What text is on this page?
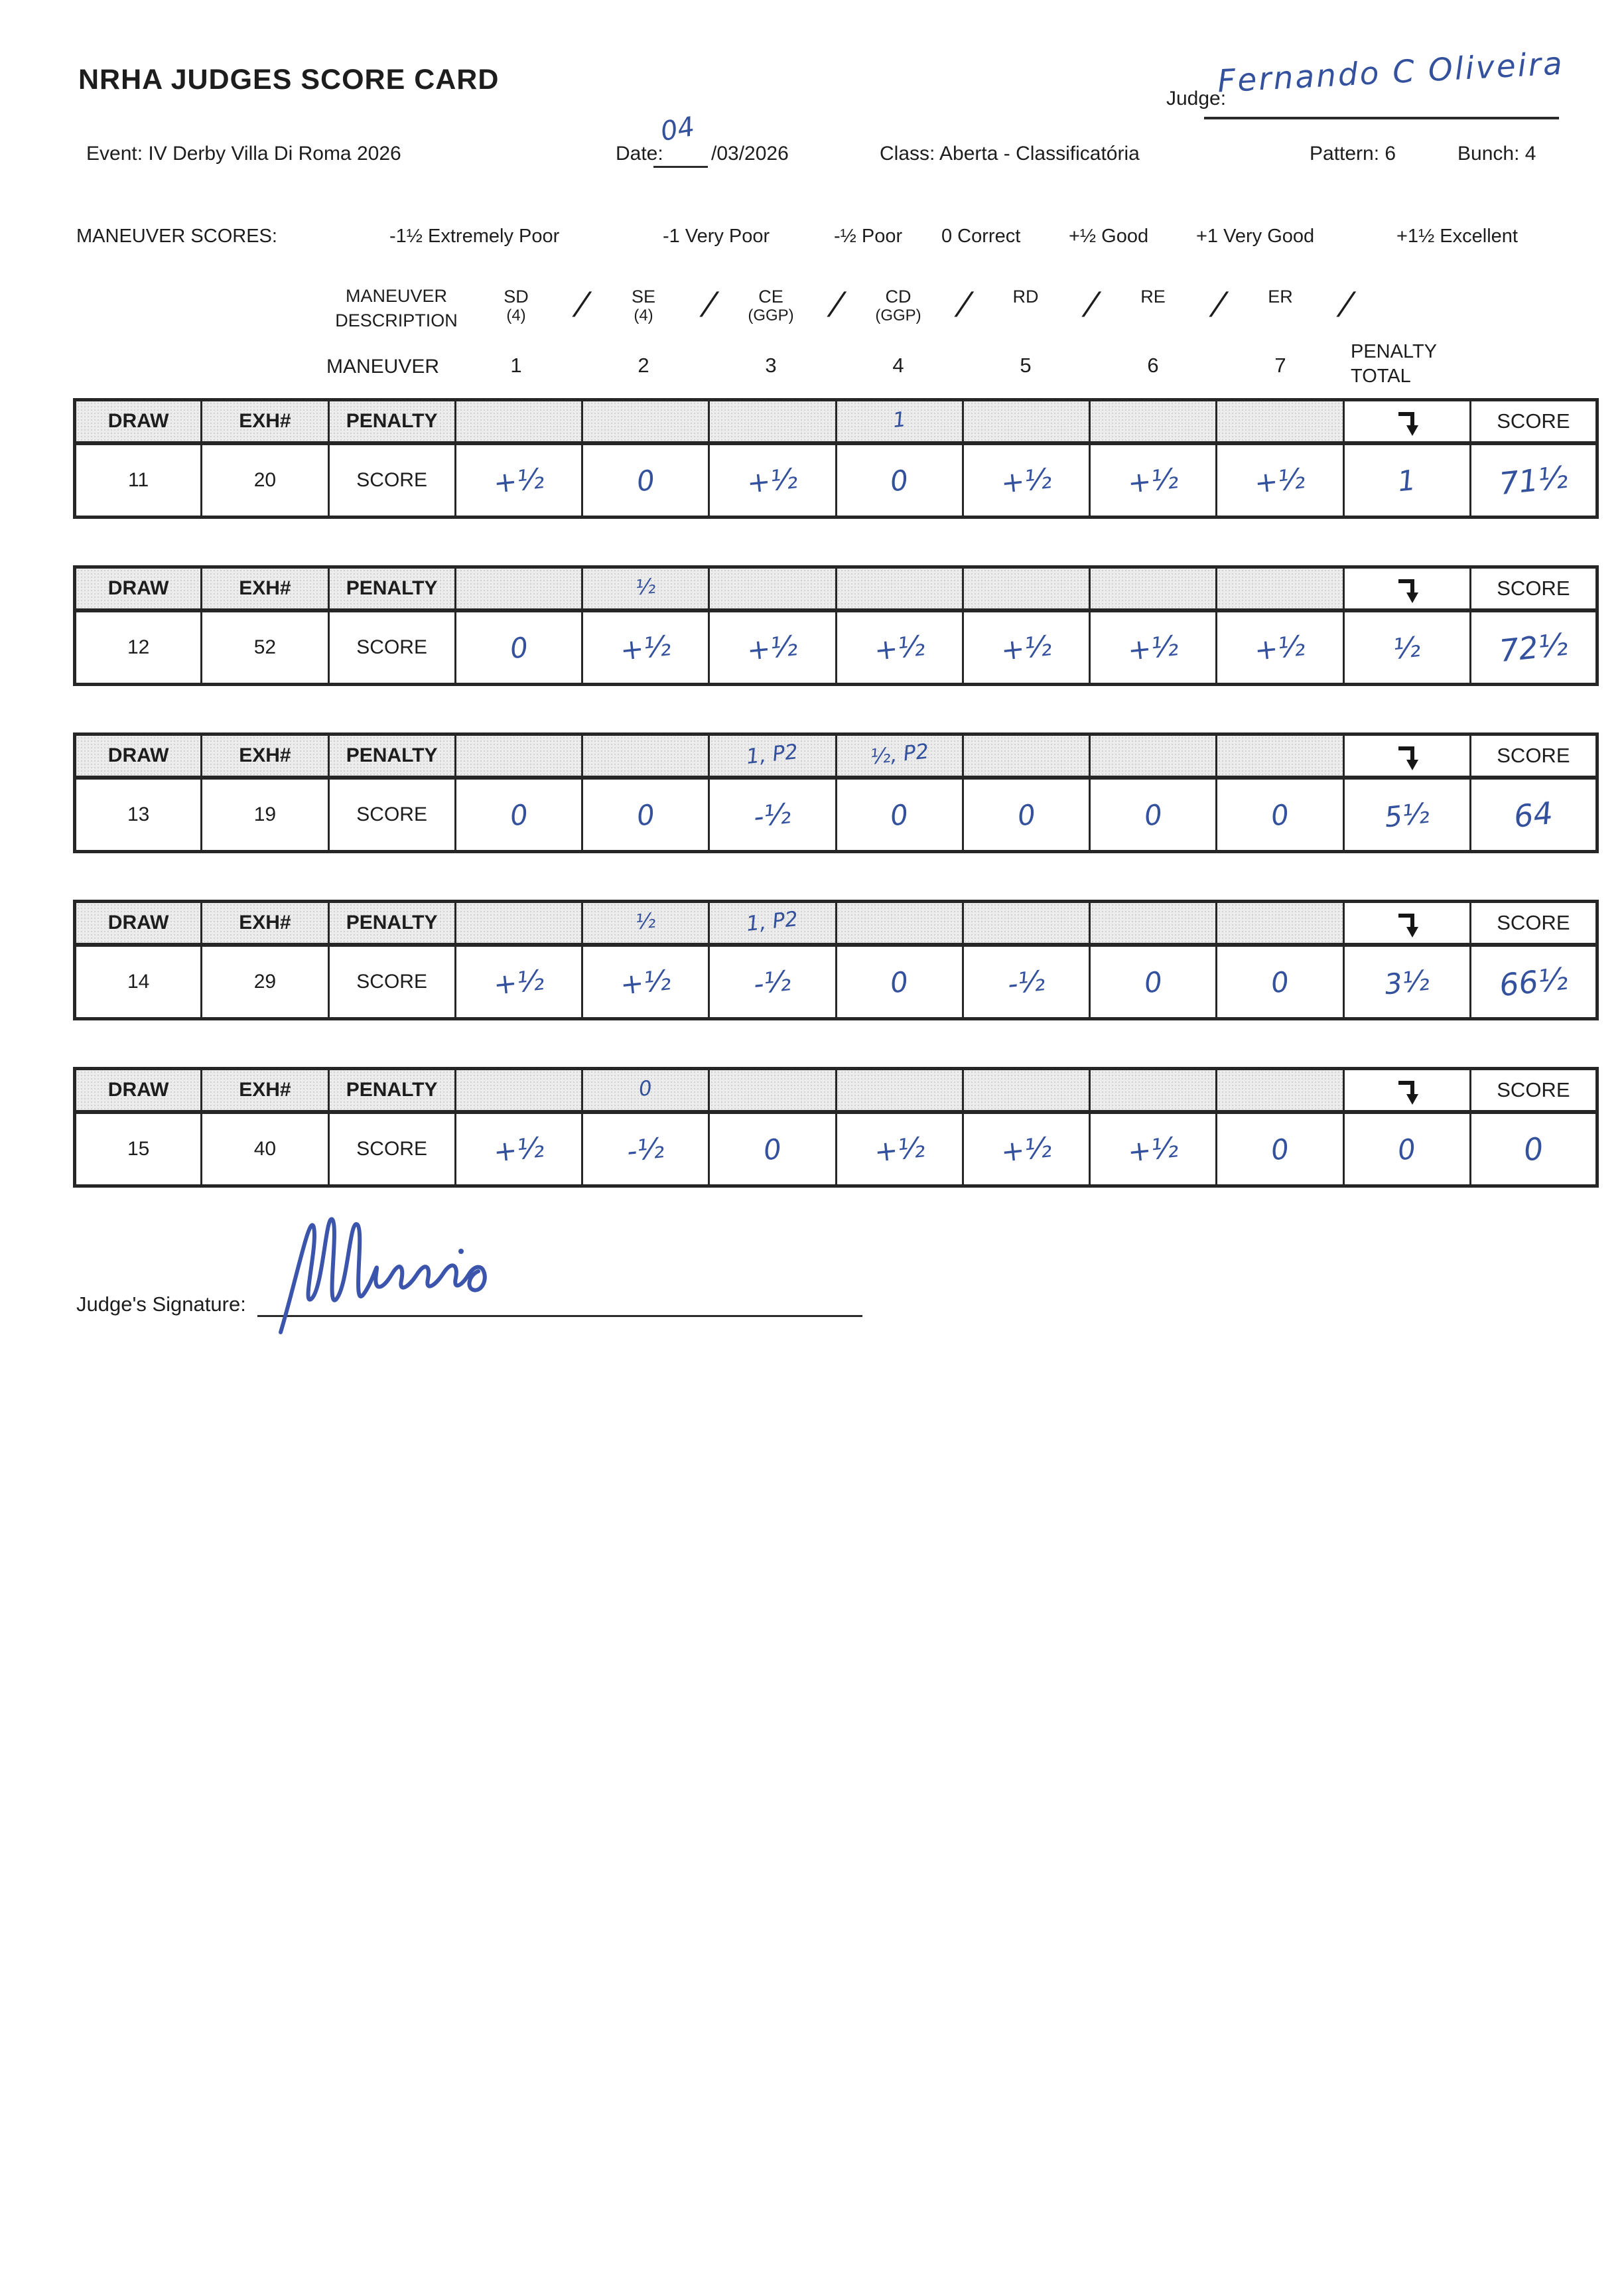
NRHA JUDGES SCORE CARD
Judge:
Fernando C Oliveira
Event: IV Derby Villa Di Roma 2026	Date:
04
/03/2026	Class: Aberta - Classificatória	Pattern: 6	Bunch: 4
MANEUVER SCORES:	-1½ Extremely Poor	-1 Very Poor	-½ Poor 0 Correct	+½ Good +1 Very Good	+1½ Excellent
MANEUVER
DESCRIPTION
SD
(4)	/	SE
(4)	/	CE
(GGP) /	CD
(GGP) /	RD	/	RE	/	ER	/
MANEUVER	1	2	3	4	5	6	7
PENALTY
TOTAL
DRAW	EXH#	PENALTY				1					SCORE
11	20	SCORE	+½	0	+½	0	+½	+½	+½	1	71½
DRAW	EXH#	PENALTY		½							SCORE
12	52	SCORE	0	+½	+½	+½	+½	+½	+½	½	72½
DRAW	EXH#	PENALTY			1, P2	½, P2					SCORE
13	19	SCORE	0	0	-½	0	0	0	0	5½	64
DRAW	EXH#	PENALTY		½	1, P2						SCORE
14	29	SCORE	+½	+½	-½	0	-½	0	0	3½	66½
DRAW	EXH#	PENALTY		0							SCORE
15	40	SCORE	+½	-½	0	+½	+½	+½	0	0	0
Judge's Signature:
